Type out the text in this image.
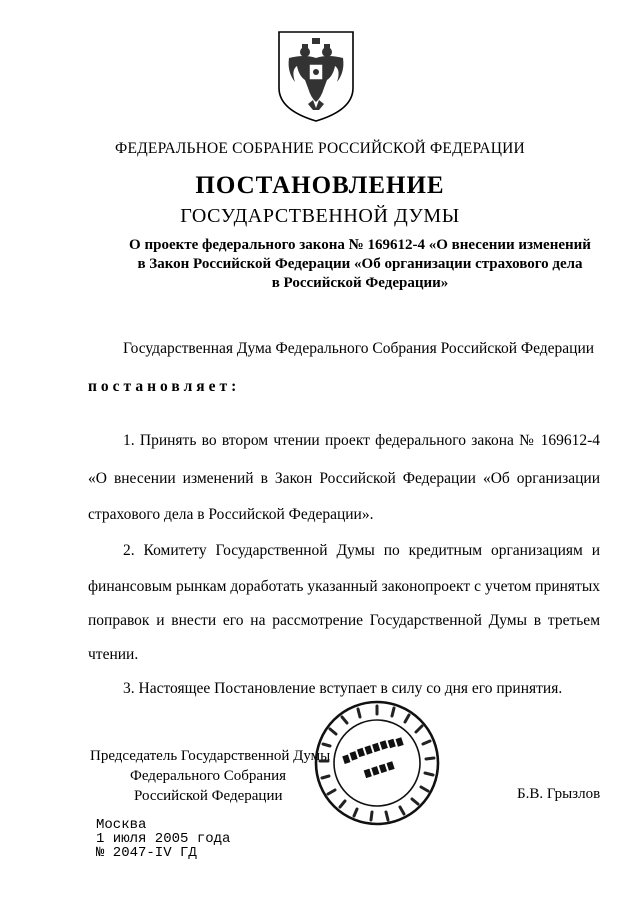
ФЕДЕРАЛЬНОЕ СОБРАНИЕ РОССИЙСКОЙ ФЕДЕРАЦИИ
ПОСТАНОВЛЕНИЕ
ГОСУДАРСТВЕННОЙ ДУМЫ
О проекте федерального закона № 169612-4 «О внесении изменений
в Закон Российской Федерации «Об организации страхового дела
в Российской Федерации»
Государственная Дума Федерального Собрания Российской Федерации
постановляет:
1. Принять во втором чтении проект федерального закона № 169612-4
«О внесении изменений в Закон Российской Федерации «Об организации
страхового дела в Российской Федерации».
2. Комитету Государственной Думы по кредитным организациям и
финансовым рынкам доработать указанный законопроект с учетом принятых
поправок и внести его на рассмотрение Государственной Думы в третьем
чтении.
3. Настоящее Постановление вступает в силу со дня его принятия.
Председатель Государственной Думы
Федерального Собрания
Российской Федерации	Б.В. Грызлов
Москва
1 июля 2005 года
№ 2047-IV ГД
